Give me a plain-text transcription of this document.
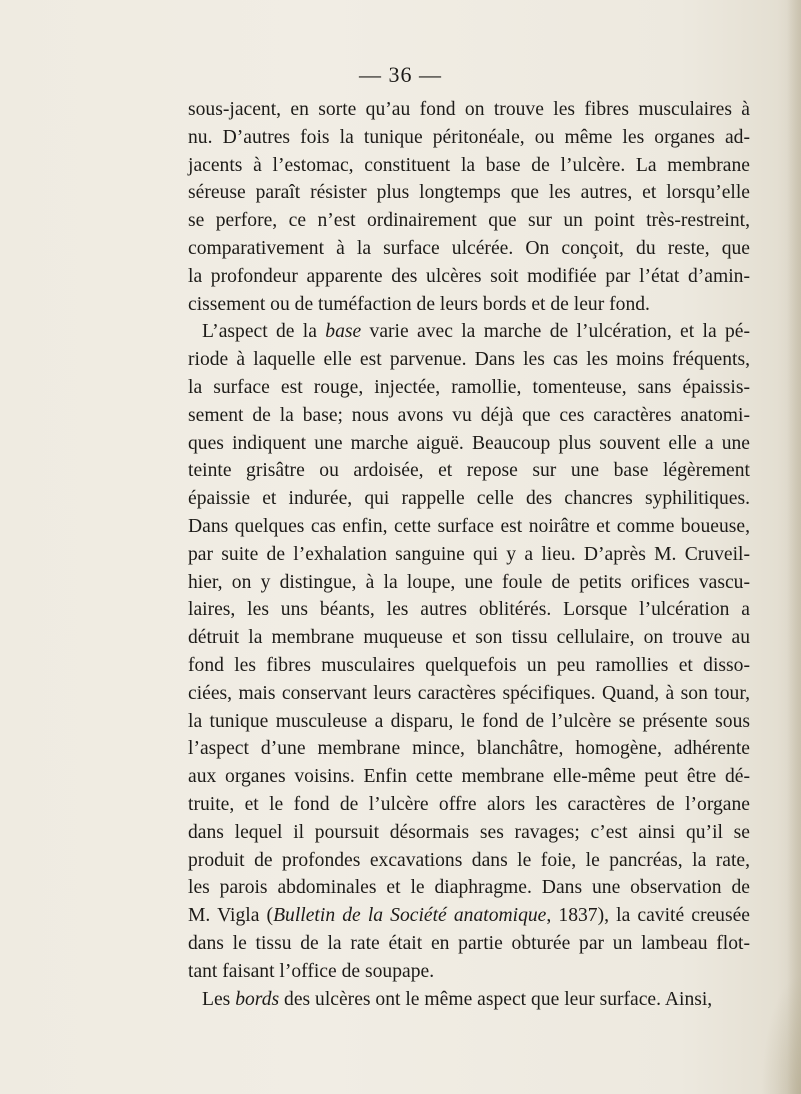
— 36 —
sous-jacent, en sorte qu’au fond on trouve les fibres musculaires à
nu. D’autres fois la tunique péritonéale, ou même les organes ad-
jacents à l’estomac, constituent la base de l’ulcère. La membrane
séreuse paraît résister plus longtemps que les autres, et lorsqu’elle
se perfore, ce n’est ordinairement que sur un point très-restreint,
comparativement à la surface ulcérée. On conçoit, du reste, que
la profondeur apparente des ulcères soit modifiée par l’état d’amin-
cissement ou de tuméfaction de leurs bords et de leur fond.
L’aspect de la base varie avec la marche de l’ulcération, et la pé-
riode à laquelle elle est parvenue. Dans les cas les moins fréquents,
la surface est rouge, injectée, ramollie, tomenteuse, sans épaissis-
sement de la base; nous avons vu déjà que ces caractères anatomi-
ques indiquent une marche aiguë. Beaucoup plus souvent elle a une
teinte grisâtre ou ardoisée, et repose sur une base légèrement
épaissie et indurée, qui rappelle celle des chancres syphilitiques.
Dans quelques cas enfin, cette surface est noirâtre et comme boueuse,
par suite de l’exhalation sanguine qui y a lieu. D’après M. Cruveil-
hier, on y distingue, à la loupe, une foule de petits orifices vascu-
laires, les uns béants, les autres oblitérés. Lorsque l’ulcération a
détruit la membrane muqueuse et son tissu cellulaire, on trouve au
fond les fibres musculaires quelquefois un peu ramollies et disso-
ciées, mais conservant leurs caractères spécifiques. Quand, à son tour,
la tunique musculeuse a disparu, le fond de l’ulcère se présente sous
l’aspect d’une membrane mince, blanchâtre, homogène, adhérente
aux organes voisins. Enfin cette membrane elle-même peut être dé-
truite, et le fond de l’ulcère offre alors les caractères de l’organe
dans lequel il poursuit désormais ses ravages; c’est ainsi qu’il se
produit de profondes excavations dans le foie, le pancréas, la rate,
les parois abdominales et le diaphragme. Dans une observation de
M. Vigla (Bulletin de la Société anatomique, 1837), la cavité creusée
dans le tissu de la rate était en partie obturée par un lambeau flot-
tant faisant l’office de soupape.
Les bords des ulcères ont le même aspect que leur surface. Ainsi,
